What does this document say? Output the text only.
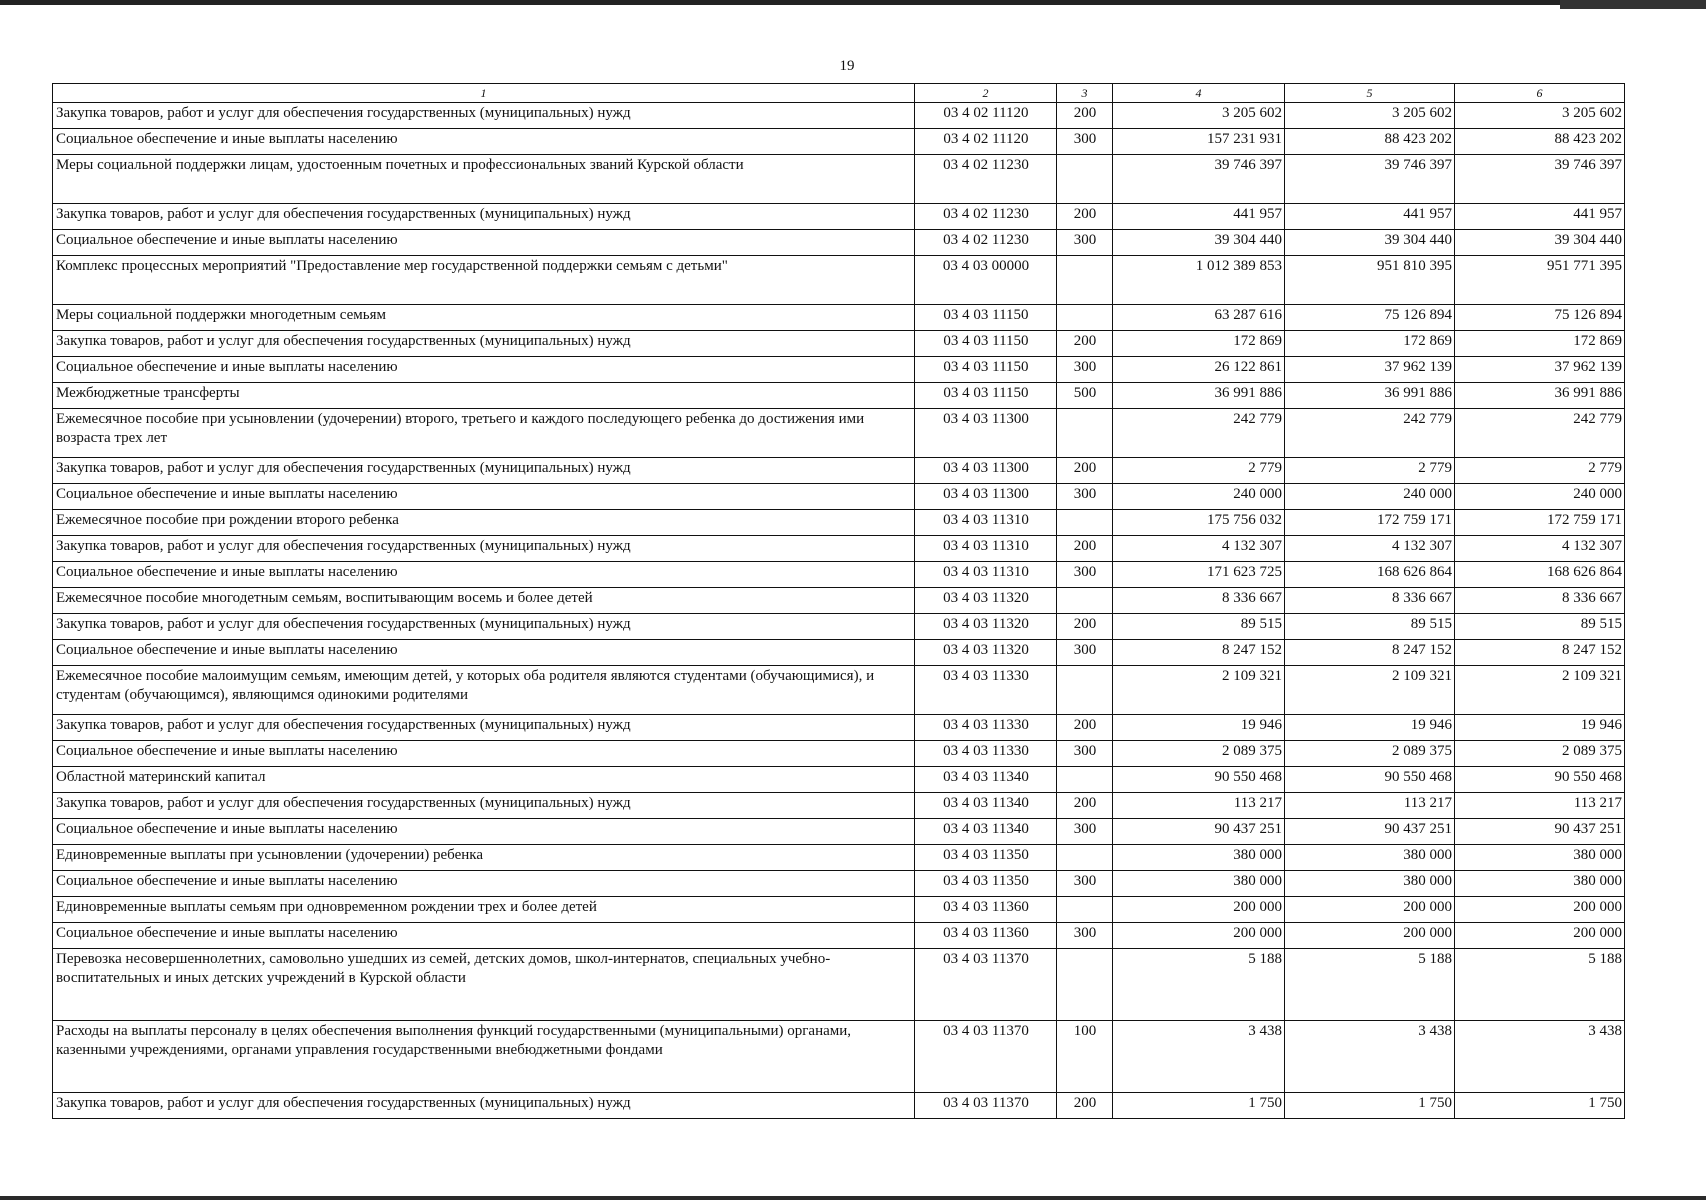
19
1	2	3	4	5	6
Закупка товаров, работ и услуг для обеспечения государственных (муниципальных) нужд	03 4 02 11120	200	3 205 602	3 205 602	3 205 602
Социальное обеспечение и иные выплаты населению	03 4 02 11120	300	157 231 931	88 423 202	88 423 202
Меры социальной поддержки лицам, удостоенным почетных и профессиональных званий Курской области	03 4 02 11230		39 746 397	39 746 397	39 746 397
Закупка товаров, работ и услуг для обеспечения государственных (муниципальных) нужд	03 4 02 11230	200	441 957	441 957	441 957
Социальное обеспечение и иные выплаты населению	03 4 02 11230	300	39 304 440	39 304 440	39 304 440
Комплекс процессных мероприятий "Предоставление мер государственной поддержки семьям с детьми"	03 4 03 00000		1 012 389 853	951 810 395	951 771 395
Меры социальной поддержки многодетным семьям	03 4 03 11150		63 287 616	75 126 894	75 126 894
Закупка товаров, работ и услуг для обеспечения государственных (муниципальных) нужд	03 4 03 11150	200	172 869	172 869	172 869
Социальное обеспечение и иные выплаты населению	03 4 03 11150	300	26 122 861	37 962 139	37 962 139
Межбюджетные трансферты	03 4 03 11150	500	36 991 886	36 991 886	36 991 886
Ежемесячное пособие при усыновлении (удочерении) второго, третьего и каждого последующего ребенка до достижения ими возраста трех лет	03 4 03 11300		242 779	242 779	242 779
Закупка товаров, работ и услуг для обеспечения государственных (муниципальных) нужд	03 4 03 11300	200	2 779	2 779	2 779
Социальное обеспечение и иные выплаты населению	03 4 03 11300	300	240 000	240 000	240 000
Ежемесячное пособие при рождении второго ребенка	03 4 03 11310		175 756 032	172 759 171	172 759 171
Закупка товаров, работ и услуг для обеспечения государственных (муниципальных) нужд	03 4 03 11310	200	4 132 307	4 132 307	4 132 307
Социальное обеспечение и иные выплаты населению	03 4 03 11310	300	171 623 725	168 626 864	168 626 864
Ежемесячное пособие многодетным семьям, воспитывающим восемь и более детей	03 4 03 11320		8 336 667	8 336 667	8 336 667
Закупка товаров, работ и услуг для обеспечения государственных (муниципальных) нужд	03 4 03 11320	200	89 515	89 515	89 515
Социальное обеспечение и иные выплаты населению	03 4 03 11320	300	8 247 152	8 247 152	8 247 152
Ежемесячное пособие малоимущим семьям, имеющим детей, у которых оба родителя являются студентами (обучающимися), и студентам (обучающимся), являющимся одинокими родителями	03 4 03 11330		2 109 321	2 109 321	2 109 321
Закупка товаров, работ и услуг для обеспечения государственных (муниципальных) нужд	03 4 03 11330	200	19 946	19 946	19 946
Социальное обеспечение и иные выплаты населению	03 4 03 11330	300	2 089 375	2 089 375	2 089 375
Областной материнский капитал	03 4 03 11340		90 550 468	90 550 468	90 550 468
Закупка товаров, работ и услуг для обеспечения государственных (муниципальных) нужд	03 4 03 11340	200	113 217	113 217	113 217
Социальное обеспечение и иные выплаты населению	03 4 03 11340	300	90 437 251	90 437 251	90 437 251
Единовременные выплаты при усыновлении (удочерении) ребенка	03 4 03 11350		380 000	380 000	380 000
Социальное обеспечение и иные выплаты населению	03 4 03 11350	300	380 000	380 000	380 000
Единовременные выплаты семьям при одновременном рождении трех и более детей	03 4 03 11360		200 000	200 000	200 000
Социальное обеспечение и иные выплаты населению	03 4 03 11360	300	200 000	200 000	200 000
Перевозка несовершеннолетних, самовольно ушедших из семей, детских домов, школ-интернатов, специальных учебно-воспитательных и иных детских учреждений в Курской области	03 4 03 11370		5 188	5 188	5 188
Расходы на выплаты персоналу в целях обеспечения выполнения функций государственными (муниципальными) органами, казенными учреждениями, органами управления государственными внебюджетными фондами	03 4 03 11370	100	3 438	3 438	3 438
Закупка товаров, работ и услуг для обеспечения государственных (муниципальных) нужд	03 4 03 11370	200	1 750	1 750	1 750
